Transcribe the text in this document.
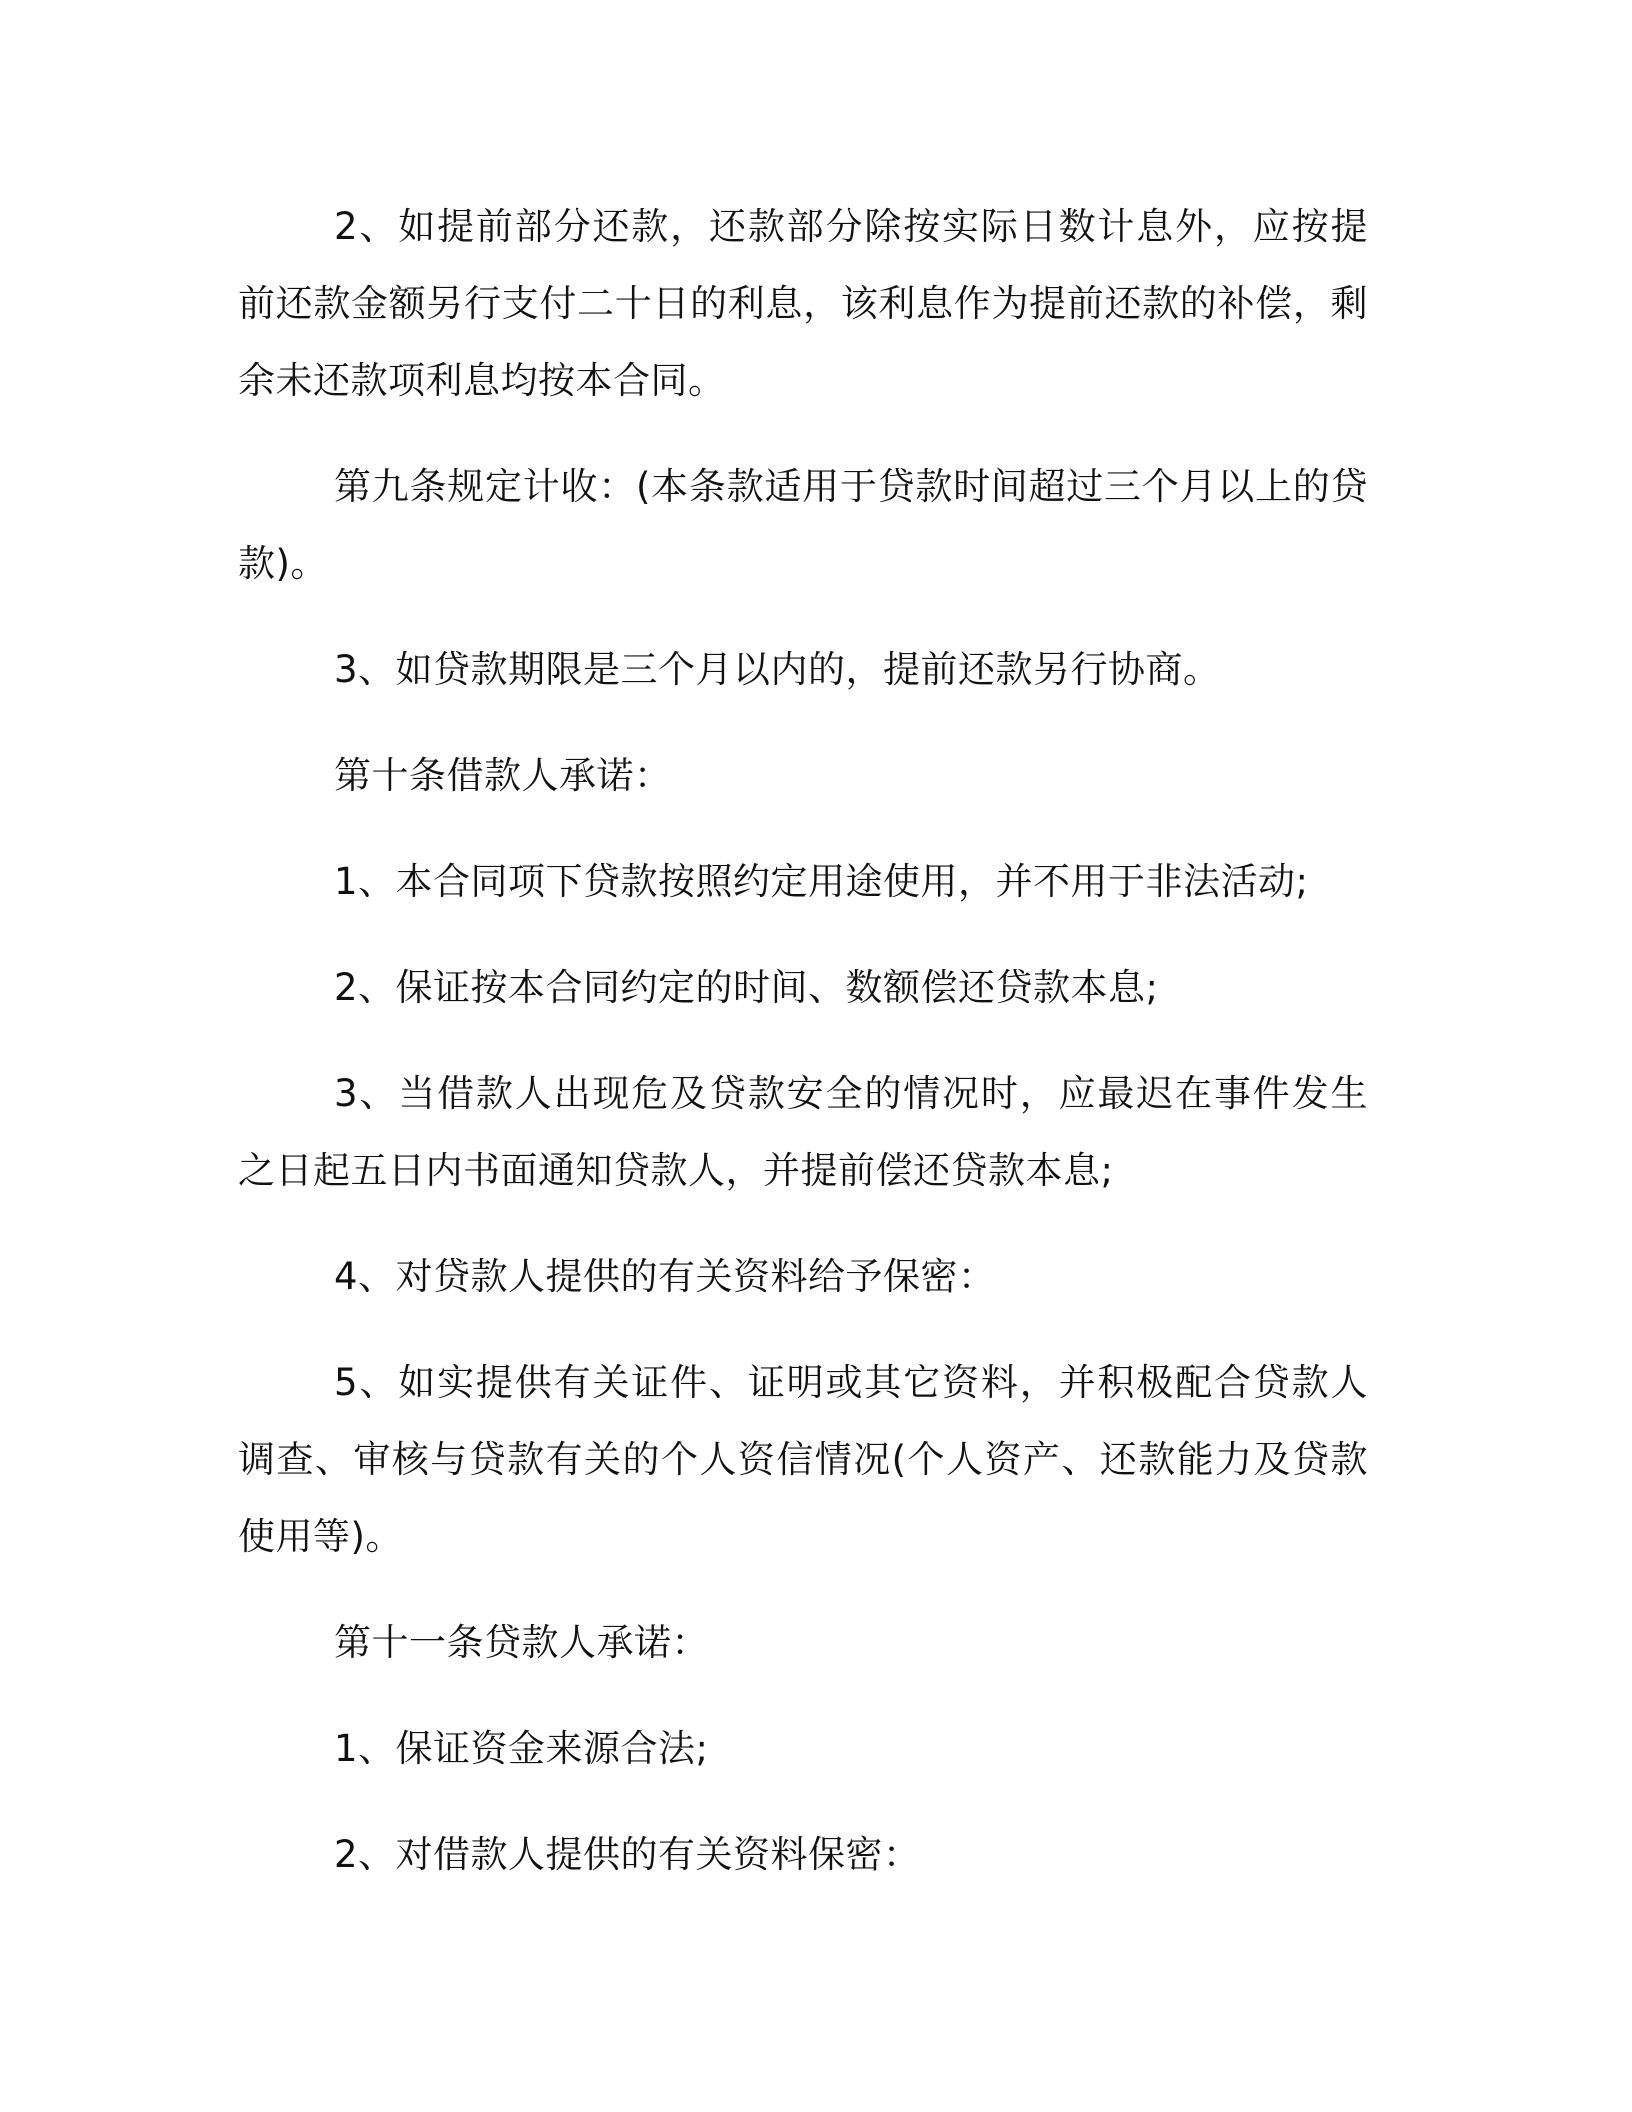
2、如提前部分还款，还款部分除按实际日数计息外，应按提前还款金额另行支付二十日的利息，该利息作为提前还款的补偿，剩余未还款项利息均按本合同。

第九条规定计收：(本条款适用于贷款时间超过三个月以上的贷款)。

3、如贷款期限是三个月以内的，提前还款另行协商。

第十条借款人承诺：

1、本合同项下贷款按照约定用途使用，并不用于非法活动;

2、保证按本合同约定的时间、数额偿还贷款本息;

3、当借款人出现危及贷款安全的情况时，应最迟在事件发生之日起五日内书面通知贷款人，并提前偿还贷款本息;

4、对贷款人提供的有关资料给予保密：

5、如实提供有关证件、证明或其它资料，并积极配合贷款人调查、审核与贷款有关的个人资信情况(个人资产、还款能力及贷款使用等)。

第十一条贷款人承诺：

1、保证资金来源合法;

2、对借款人提供的有关资料保密：
